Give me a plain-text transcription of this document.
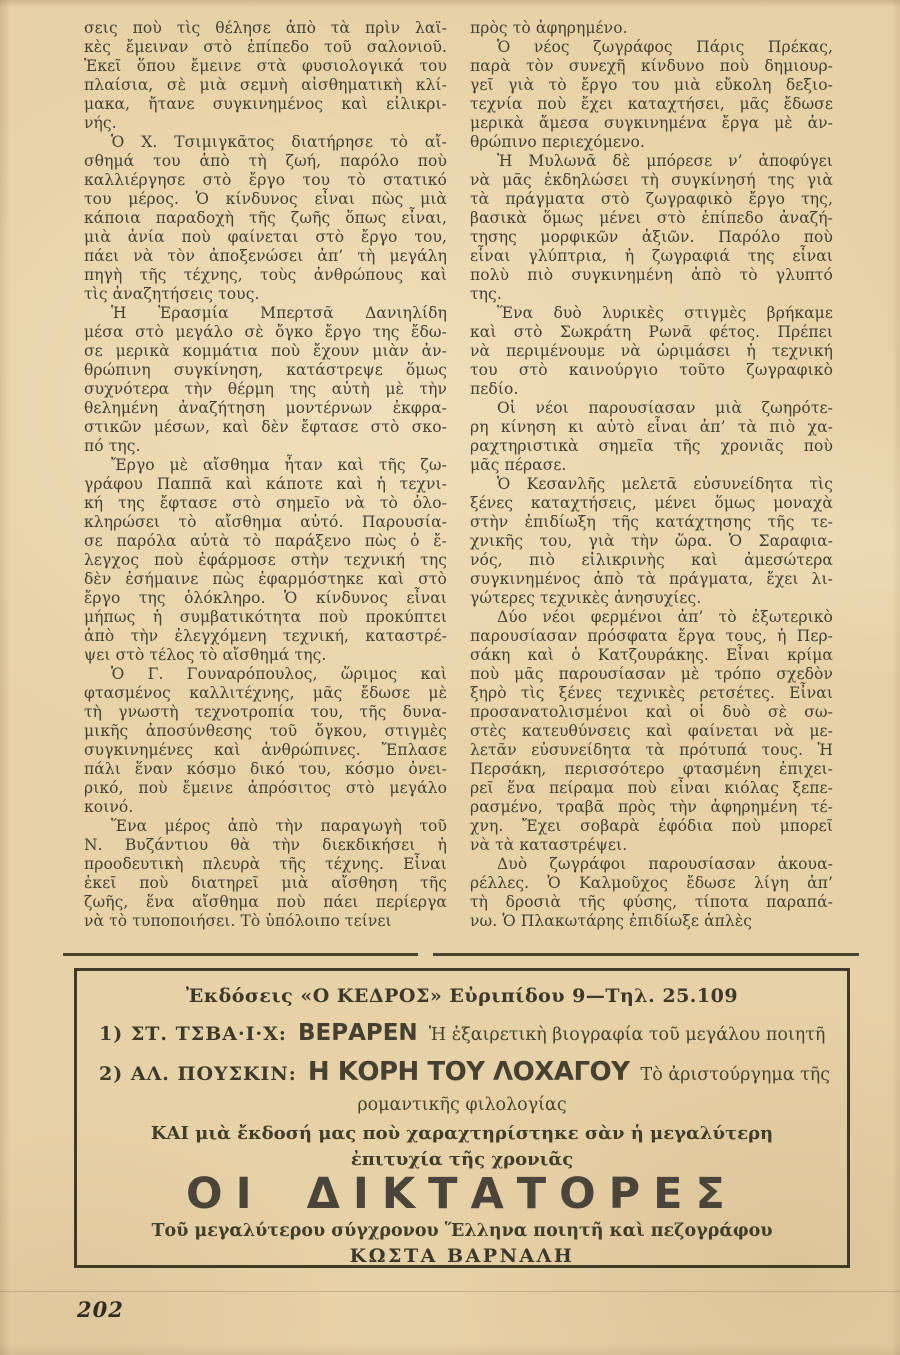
σεις ποὺ τὶς θέλησε ἀπὸ τὰ πρὶν λαϊ-
κὲς ἔμειναν στὸ ἐπίπεδο τοῦ σαλονιοῦ.
Ἐκεῖ ὅπου ἔμεινε στὰ φυσιολογικά του
πλαίσια, σὲ μιὰ σεμνὴ αἰσθηματικὴ κλί-
μακα, ἤτανε συγκινημένος καὶ εἰλικρι-
νής.
Ὁ Χ. Τσιμιγκᾶτος διατήρησε τὸ αἴ-
σθημά του ἀπὸ τὴ ζωή, παρόλο ποὺ
καλλιέργησε στὸ ἔργο του τὸ στατικό
του μέρος. Ὁ κίνδυνος εἶναι πὼς μιὰ
κάποια παραδοχὴ τῆς ζωῆς ὅπως εἶναι,
μιὰ ἀνία ποὺ φαίνεται στὸ ἔργο του,
πάει νὰ τὸν ἀποξενώσει ἀπ’ τὴ μεγάλη
πηγὴ τῆς τέχνης, τοὺς ἀνθρώπους καὶ
τὶς ἀναζητήσεις τους.
Ἡ Ἐρασμία Μπερτσᾶ Δανιηλίδη
μέσα στὸ μεγάλο σὲ ὄγκο ἔργο της ἔδω-
σε μερικὰ κομμάτια ποὺ ἔχουν μιὰν ἀν-
θρώπινη συγκίνηση, κατάστρεψε ὅμως
συχνότερα τὴν θέρμη της αὐτὴ μὲ τὴν
θελημένη ἀναζήτηση μοντέρνων ἐκφρα-
στικῶν μέσων, καὶ δὲν ἔφτασε στὸ σκο-
πό της.
Ἔργο μὲ αἴσθημα ἦταν καὶ τῆς ζω-
γράφου Παππᾶ καὶ κάποτε καὶ ἡ τεχνι-
κή της ἔφτασε στὸ σημεῖο νὰ τὸ ὁλο-
κληρώσει τὸ αἴσθημα αὐτό. Παρουσία-
σε παρόλα αὐτὰ τὸ παράξενο πὼς ὁ ἔ-
λεγχος ποὺ ἐφάρμοσε στὴν τεχνική της
δὲν ἐσήμαινε πὼς ἐφαρμόστηκε καὶ στὸ
ἔργο της ὁλόκληρο. Ὁ κίνδυνος εἶναι
μήπως ἡ συμβατικότητα ποὺ προκύπτει
ἀπὸ τὴν ἐλεγχόμενη τεχνική, καταστρέ-
ψει στὸ τέλος τὸ αἴσθημά της.
Ὁ Γ. Γουναρόπουλος, ὥριμος καὶ
φτασμένος καλλιτέχνης, μᾶς ἔδωσε μὲ
τὴ γνωστὴ τεχνοτροπία του, τῆς δυνα-
μικῆς ἀποσύνθεσης τοῦ ὄγκου, στιγμὲς
συγκινημένες καὶ ἀνθρώπινες. Ἔπλασε
πάλι ἕναν κόσμο δικό του, κόσμο ὀνει-
ρικό, ποὺ ἔμεινε ἀπρόσιτος στὸ μεγάλο
κοινό.
Ἕνα μέρος ἀπὸ τὴν παραγωγὴ τοῦ
Ν. Βυζάντιου θὰ τὴν διεκδικήσει ἡ
προοδευτικὴ πλευρὰ τῆς τέχνης. Εἶναι
ἐκεῖ ποὺ διατηρεῖ μιὰ αἴσθηση τῆς
ζωῆς, ἕνα αἴσθημα ποὺ πάει περίεργα
νὰ τὸ τυποποιήσει. Τὸ ὑπόλοιπο τείνει
πρὸς τὸ ἀφηρημένο.
Ὁ νέος ζωγράφος Πάρις Πρέκας,
παρὰ τὸν συνεχῆ κίνδυνο ποὺ δημιουρ-
γεῖ γιὰ τὸ ἔργο του μιὰ εὔκολη δεξιο-
τεχνία ποὺ ἔχει καταχτήσει, μᾶς ἔδωσε
μερικὰ ἄμεσα συγκινημένα ἔργα μὲ ἀν-
θρώπινο περιεχόμενο.
Ἡ Μυλωνᾶ δὲ μπόρεσε ν’ ἀποφύγει
νὰ μᾶς ἐκδηλώσει τὴ συγκίνησή της γιὰ
τὰ πράγματα στὸ ζωγραφικὸ ἔργο της,
βασικὰ ὅμως μένει στὸ ἐπίπεδο ἀναζή-
τησης μορφικῶν ἀξιῶν. Παρόλο ποὺ
εἶναι γλύπτρια, ἡ ζωγραφιά της εἶναι
πολὺ πιὸ συγκινημένη ἀπὸ τὸ γλυπτό
της.
Ἕνα δυὸ λυρικὲς στιγμὲς βρήκαμε
καὶ στὸ Σωκράτη Ρωνᾶ φέτος. Πρέπει
νὰ περιμένουμε νὰ ὡριμάσει ἡ τεχνική
του στὸ καινούργιο τοῦτο ζωγραφικὸ
πεδίο.
Οἱ νέοι παρουσίασαν μιὰ ζωηρότε-
ρη κίνηση κι αὐτὸ εἶναι ἀπ’ τὰ πιὸ χα-
ραχτηριστικὰ σημεῖα τῆς χρονιᾶς ποὺ
μᾶς πέρασε.
Ὁ Κεσανλῆς μελετᾶ εὐσυνείδητα τὶς
ξένες καταχτήσεις, μένει ὅμως μοναχὰ
στὴν ἐπιδίωξη τῆς κατάχτησης τῆς τε-
χνικῆς του, γιὰ τὴν ὥρα. Ὁ Σαραφια-
νός, πιὸ εἰλικρινὴς καὶ ἀμεσώτερα
συγκινημένος ἀπὸ τὰ πράγματα, ἔχει λι-
γώτερες τεχνικὲς ἀνησυχίες.
Δύο νέοι φερμένοι ἀπ’ τὸ ἐξωτερικὸ
παρουσίασαν πρόσφατα ἔργα τους, ἡ Περ-
σάκη καὶ ὁ Κατζουράκης. Εἶναι κρίμα
ποὺ μᾶς παρουσίασαν μὲ τρόπο σχεδὸν
ξηρὸ τὶς ξένες τεχνικὲς ρετσέτες. Εἶναι
προσανατολισμένοι καὶ οἱ δυὸ σὲ σω-
στὲς κατευθύνσεις καὶ φαίνεται νὰ με-
λετᾶν εὐσυνείδητα τὰ πρότυπά τους. Ἡ
Περσάκη, περισσότερο φτασμένη ἐπιχει-
ρεῖ ἕνα πείραμα ποὺ εἶναι κιόλας ξεπε-
ρασμένο, τραβᾶ πρὸς τὴν ἀφηρημένη τέ-
χνη. Ἔχει σοβαρὰ ἐφόδια ποὺ μπορεῖ
νὰ τὰ καταστρέψει.
Δυὸ ζωγράφοι παρουσίασαν ἀκουα-
ρέλλες. Ὁ Καλμοῦχος ἔδωσε λίγη ἀπ’
τὴ δροσιὰ τῆς φύσης, τίποτα παραπά-
νω. Ὁ Πλακωτάρης ἐπιδίωξε ἁπλὲς
Ἐκδόσεις «Ο ΚΕΔΡΟΣ» Εὐριπίδου 9—Τηλ. 25.109
1) ΣΤ. ΤΣΒΑ·Ι·Χ: ΒΕΡΑΡΕΝ Ἡ ἐξαιρετικὴ βιογραφία τοῦ μεγάλου ποιητῆ
2) ΑΛ. ΠΟΥΣΚΙΝ: Η ΚΟΡΗ ΤΟΥ ΛΟΧΑΓΟΥ Τὸ ἀριστούργημα τῆς
ρομαντικῆς φιλολογίας
ΚΑΙ μιὰ ἔκδοσή μας ποὺ χαραχτηρίστηκε σὰν ἡ μεγαλύτερη
ἐπιτυχία τῆς χρονιᾶς
ΟΙ ΔΙΚΤΑΤΟΡΕΣ
Τοῦ μεγαλύτερου σύγχρονου Ἕλληνα ποιητῆ καὶ πεζογράφου
ΚΩΣΤΑ ΒΑΡΝΑΛΗ
202
